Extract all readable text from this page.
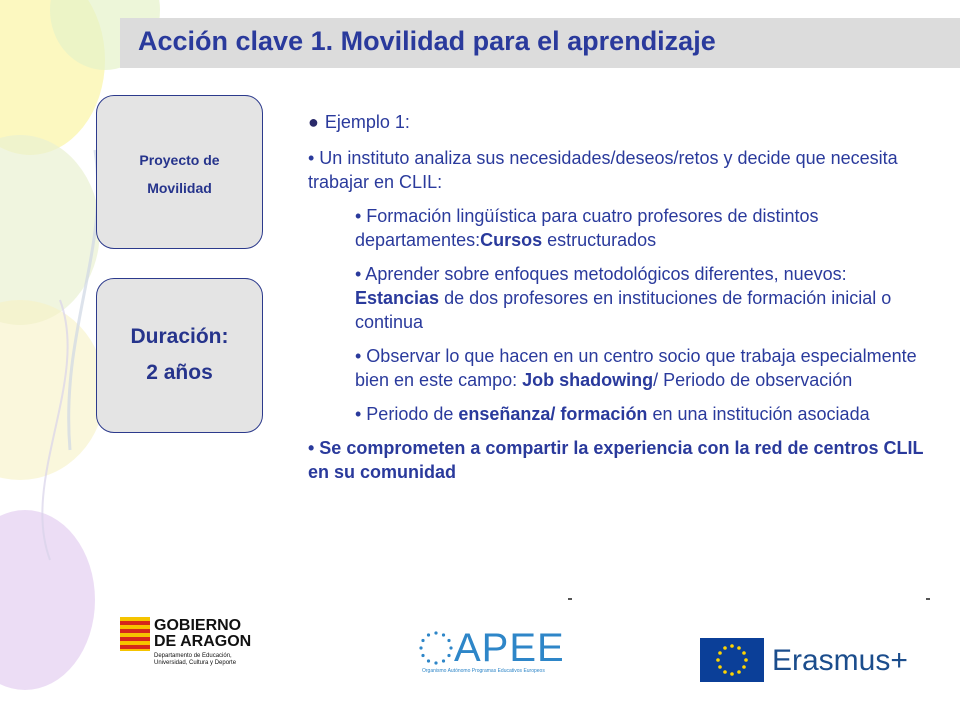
Acción clave 1. Movilidad para el aprendizaje
Proyecto de
Movilidad
Duración:
2 años

● Ejemplo 1:

• Un instituto analiza sus necesidades/deseos/retos y decide que necesita trabajar en CLIL:

• Formación lingüística para cuatro profesores de distintos departamentes:Cursos estructurados

• Aprender sobre enfoques metodológicos diferentes, nuevos: Estancias de dos profesores en instituciones de formación inicial o continua

• Observar lo que hacen en un centro socio que trabaja especialmente bien en este campo: Job shadowing/ Periodo de observación

• Periodo de enseñanza/ formación en una institución asociada

• Se comprometen a compartir la experiencia con la red de centros CLIL en su comunidad

GOBIERNO
DE ARAGON
Departamento de Educación, Universidad, Cultura y Deporte	APEE
Organismo Autónomo Programas Educativos Europeos	Erasmus+
